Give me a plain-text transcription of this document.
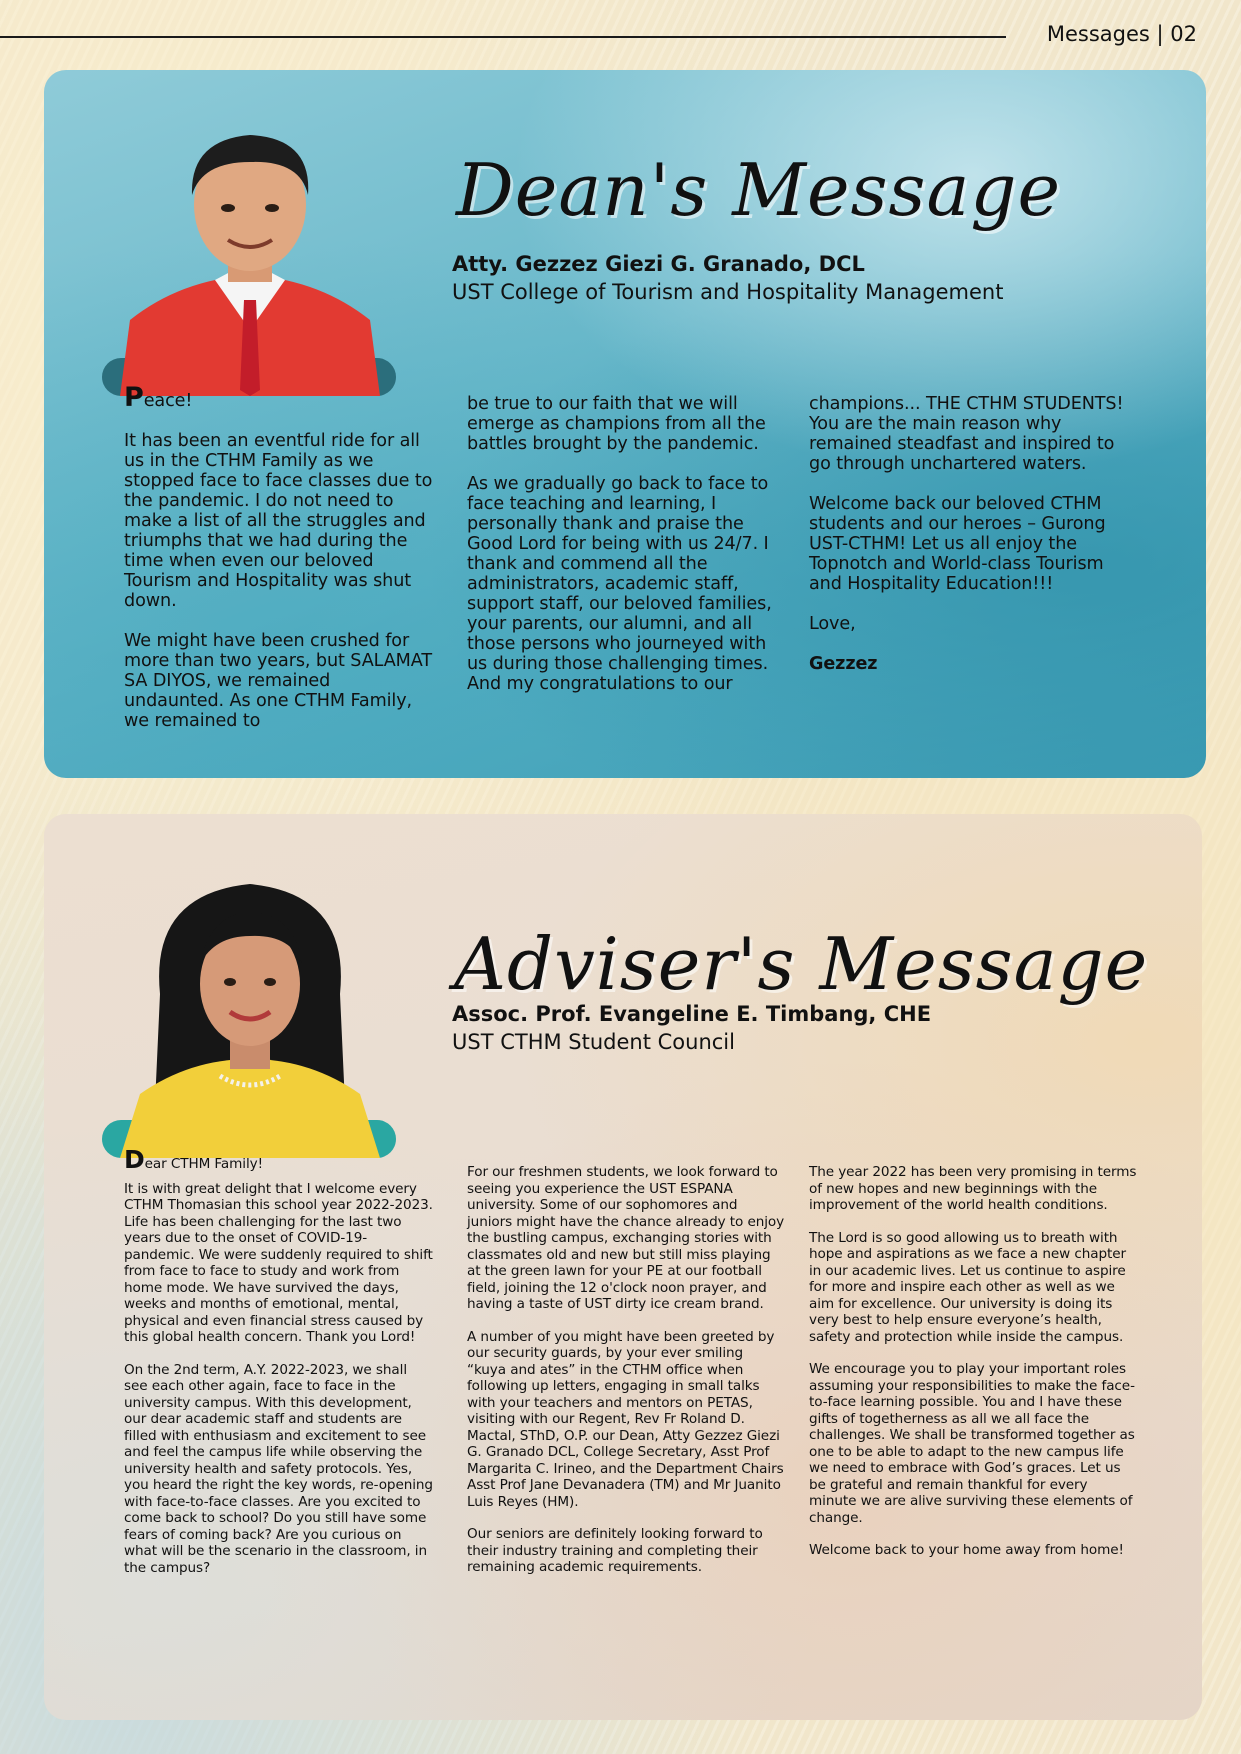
Messages | 02
Dean's Message
Atty. Gezzez Giezi G. Granado, DCL
UST College of Tourism and Hospitality Management

Peace!

It has been an eventful ride for all us in the CTHM Family as we stopped face to face classes due to the pandemic. I do not need to make a list of all the struggles and triumphs that we had during the time when even our beloved Tourism and Hospitality was shut down.

We might have been crushed for more than two years, but SALAMAT SA DIYOS, we remained undaunted. As one CTHM Family, we remained to

be true to our faith that we will emerge as champions from all the battles brought by the pandemic.

As we gradually go back to face to face teaching and learning, I personally thank and praise the Good Lord for being with us 24/7. I thank and commend all the administrators, academic staff, support staff, our beloved families, your parents, our alumni, and all those persons who journeyed with us during those challenging times. And my congratulations to our

champions... THE CTHM STUDENTS! You are the main reason why remained steadfast and inspired to go through unchartered waters.

Welcome back our beloved CTHM students and our heroes – Gurong UST-CTHM! Let us all enjoy the Topnotch and World-class Tourism and Hospitality Education!!!

Love,

Gezzez

Adviser's Message
Assoc. Prof. Evangeline E. Timbang, CHE
UST CTHM Student Council

Dear CTHM Family!

It is with great delight that I welcome every CTHM Thomasian this school year 2022-2023. Life has been challenging for the last two years due to the onset of COVID-19-pandemic. We were suddenly required to shift from face to face to study and work from home mode. We have survived the days, weeks and months of emotional, mental, physical and even financial stress caused by this global health concern. Thank you Lord!

On the 2nd term, A.Y. 2022-2023, we shall see each other again, face to face in the university campus. With this development, our dear academic staff and students are filled with enthusiasm and excitement to see and feel the campus life while observing the university health and safety protocols. Yes, you heard the right the key words, re-opening with face-to-face classes. Are you excited to come back to school? Do you still have some fears of coming back? Are you curious on what will be the scenario in the classroom, in the campus?

For our freshmen students, we look forward to seeing you experience the UST ESPANA university. Some of our sophomores and juniors might have the chance already to enjoy the bustling campus, exchanging stories with classmates old and new but still miss playing at the green lawn for your PE at our football field, joining the 12 o'clock noon prayer, and having a taste of UST dirty ice cream brand.

A number of you might have been greeted by our security guards, by your ever smiling “kuya and ates” in the CTHM office when following up letters, engaging in small talks with your teachers and mentors on PETAS, visiting with our Regent, Rev Fr Roland D. Mactal, SThD, O.P. our Dean, Atty Gezzez Giezi G. Granado DCL, College Secretary, Asst Prof Margarita C. Irineo, and the Department Chairs Asst Prof Jane Devanadera (TM) and Mr Juanito Luis Reyes (HM).

Our seniors are definitely looking forward to their industry training and completing their remaining academic requirements.

The year 2022 has been very promising in terms of new hopes and new beginnings with the improvement of the world health conditions.

The Lord is so good allowing us to breath with hope and aspirations as we face a new chapter in our academic lives. Let us continue to aspire for more and inspire each other as well as we aim for excellence. Our university is doing its very best to help ensure everyone’s health, safety and protection while inside the campus.

We encourage you to play your important roles assuming your responsibilities to make the face-to-face learning possible. You and I have these gifts of togetherness as all we all face the challenges. We shall be transformed together as one to be able to adapt to the new campus life we need to embrace with God’s graces. Let us be grateful and remain thankful for every minute we are alive surviving these elements of change.

Welcome back to your home away from home!
